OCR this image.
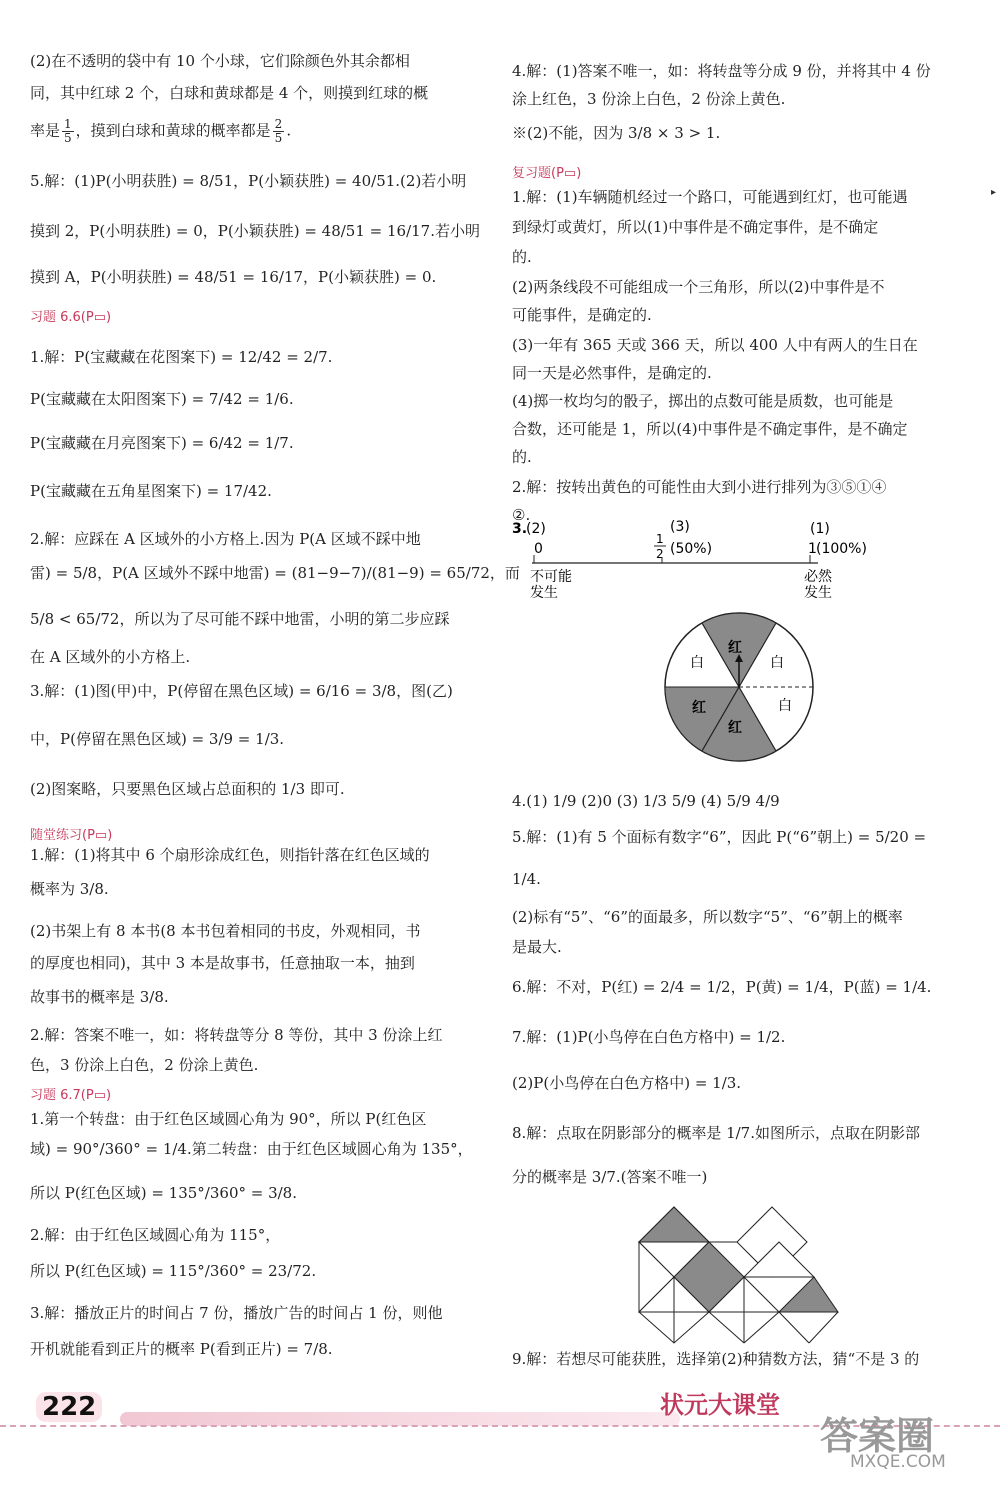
(2)在不透明的袋中有 10 个小球，它们除颜色外其余都相
同，其中红球 2 个，白球和黄球都是 4 个，则摸到红球的概
率是 $\frac{1}{5}$ ，摸到白球和黄球的概率都是 $\frac{2}{5}$ .
5.解：(1)P(小明获胜) = 8/51，P(小颖获胜) = 40/51.(2)若小明
摸到 2，P(小明获胜) = 0，P(小颖获胜) = 48/51 = 16/17.若小明
摸到 A，P(小明获胜) = 48/51 = 16/17，P(小颖获胜) = 0.
习题 6.6(P▭)
1.解：P(宝藏藏在花图案下) = 12/42 = 2/7.
P(宝藏藏在太阳图案下) = 7/42 = 1/6.
P(宝藏藏在月亮图案下) = 6/42 = 1/7.
P(宝藏藏在五角星图案下) = 17/42.
2.解：应踩在 A 区域外的小方格上.因为 P(A 区域不踩中地
雷) = 5/8，P(A 区域外不踩中地雷) = (81−9−7)/(81−9) = 65/72，而
5/8 < 65/72，所以为了尽可能不踩中地雷，小明的第二步应踩
在 A 区域外的小方格上.
3.解：(1)图(甲)中，P(停留在黑色区域) = 6/16 = 3/8，图(乙)
中，P(停留在黑色区域) = 3/9 = 1/3.
(2)图案略，只要黑色区域占总面积的 1/3 即可.
随堂练习(P▭)
1.解：(1)将其中 6 个扇形涂成红色，则指针落在红色区域的
概率为 3/8.
(2)书架上有 8 本书(8 本书包着相同的书皮，外观相同，书
的厚度也相同)，其中 3 本是故事书，任意抽取一本，抽到
故事书的概率是 3/8.
2.解：答案不唯一，如：将转盘等分 8 等份，其中 3 份涂上红
色，3 份涂上白色，2 份涂上黄色.
习题 6.7(P▭)
1.第一个转盘：由于红色区域圆心角为 90°，所以 P(红色区
域) = 90°/360° = 1/4.第二转盘：由于红色区域圆心角为 135°，
所以 P(红色区域) = 135°/360° = 3/8.
2.解：由于红色区域圆心角为 115°，
所以 P(红色区域) = 115°/360° = 23/72.
3.解：播放正片的时间占 7 份，播放广告的时间占 1 份，则他
开机就能看到正片的概率 P(看到正片) = 7/8.
4.解：(1)答案不唯一，如：将转盘等分成 9 份，并将其中 4 份
涂上红色，3 份涂上白色，2 份涂上黄色.
※(2)不能，因为 3/8 × 3 > 1.
复习题(P▭)
1.解：(1)车辆随机经过一个路口，可能遇到红灯，也可能遇
到绿灯或黄灯，所以(1)中事件是不确定事件，是不确定
的.
(2)两条线段不可能组成一个三角形，所以(2)中事件是不
可能事件，是确定的.
(3)一年有 365 天或 366 天，所以 400 人中有两人的生日在
同一天是必然事件，是确定的.
(4)掷一枚均匀的骰子，掷出的点数可能是质数，也可能是
合数，还可能是 1，所以(4)中事件是不确定事件，是不确定
的.
2.解：按转出黄色的可能性由大到小进行排列为③⑤①④
②.
3.
(2)	(3)	(1)
0
1
2 (50%)	1 (100%)
不可能
发生
必然
发生
红
白	白
白
红
红
4.(1) 1/9 (2)0 (3) 1/3 5/9 (4) 5/9 4/9
5.解：(1)有 5 个面标有数字“6”，因此 P(“6”朝上) = 5/20 =
1/4.
(2)标有“5”、“6”的面最多，所以数字“5”、“6”朝上的概率
是最大.
6.解：不对，P(红) = 2/4 = 1/2，P(黄) = 1/4，P(蓝) = 1/4.
7.解：(1)P(小鸟停在白色方格中) = 1/2.
(2)P(小鸟停在白色方格中) = 1/3.
8.解：点取在阴影部分的概率是 1/7.如图所示，点取在阴影部
分的概率是 3/7.(答案不唯一)
9.解：若想尽可能获胜，选择第(2)种猜数方法，猜“不是 3 的
▸
222	状元大课堂
答案圈
MXQE.COM
